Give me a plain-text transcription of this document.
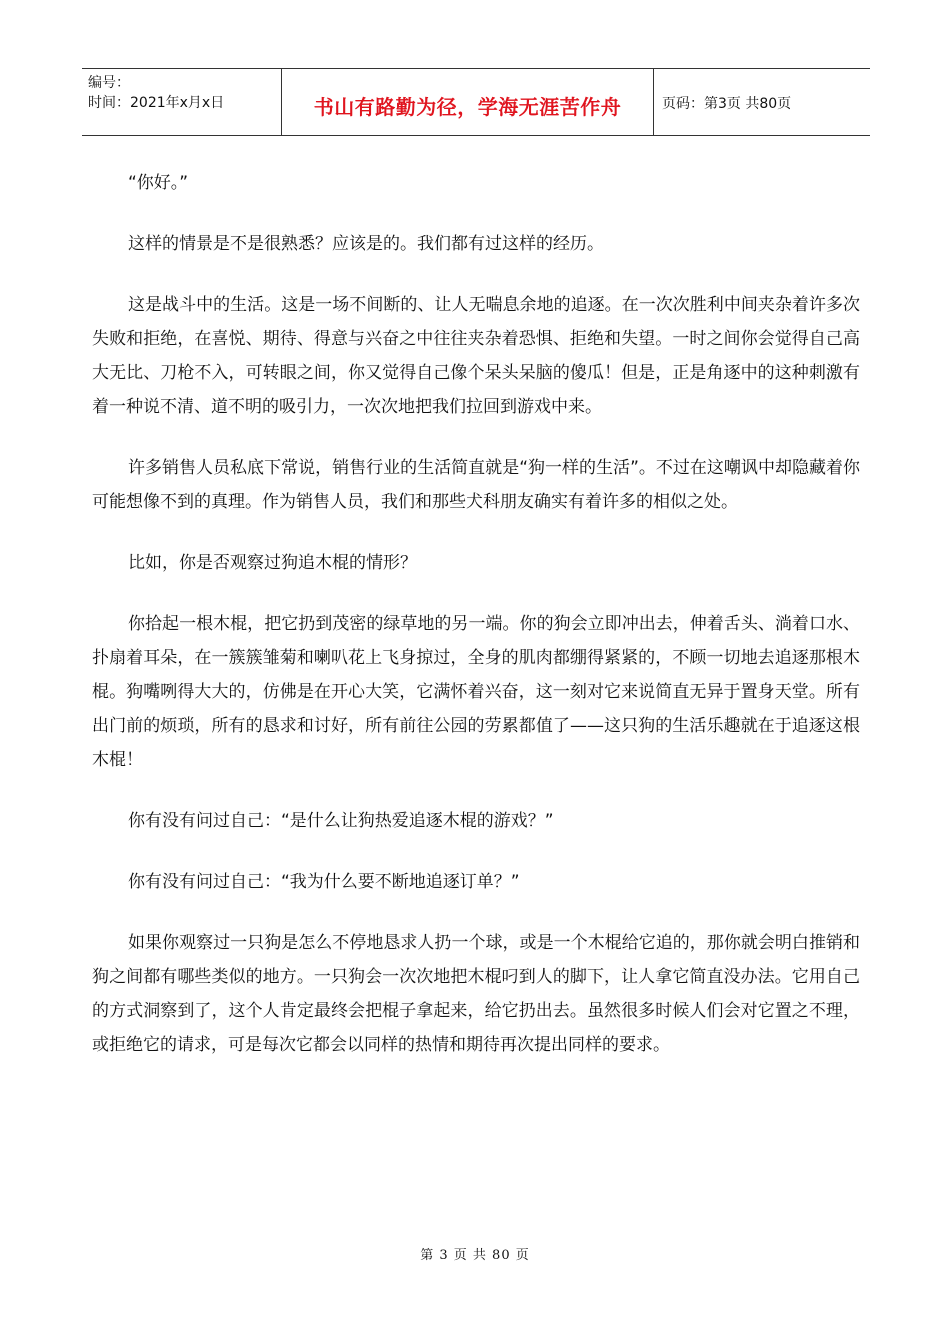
编号：
时间：2021年x月x日	书山有路勤为径，学海无涯苦作舟	页码：第3页 共80页

“你好。”

这样的情景是不是很熟悉？应该是的。我们都有过这样的经历。

这是战斗中的生活。这是一场不间断的、让人无喘息余地的追逐。在一次次胜利中间夹杂着许多次失败和拒绝，在喜悦、期待、得意与兴奋之中往往夹杂着恐惧、拒绝和失望。一时之间你会觉得自己高大无比、刀枪不入，可转眼之间，你又觉得自己像个呆头呆脑的傻瓜！但是，正是角逐中的这种刺激有着一种说不清、道不明的吸引力，一次次地把我们拉回到游戏中来。

许多销售人员私底下常说，销售行业的生活简直就是“狗一样的生活”。不过在这嘲讽中却隐藏着你可能想像不到的真理。作为销售人员，我们和那些犬科朋友确实有着许多的相似之处。

比如，你是否观察过狗追木棍的情形？

你拾起一根木棍，把它扔到茂密的绿草地的另一端。你的狗会立即冲出去，伸着舌头、淌着口水、扑扇着耳朵，在一簇簇雏菊和喇叭花上飞身掠过，全身的肌肉都绷得紧紧的，不顾一切地去追逐那根木棍。狗嘴咧得大大的，仿佛是在开心大笑，它满怀着兴奋，这一刻对它来说简直无异于置身天堂。所有出门前的烦琐，所有的恳求和讨好，所有前往公园的劳累都值了——这只狗的生活乐趣就在于追逐这根木棍！

你有没有问过自己：“是什么让狗热爱追逐木棍的游戏？”

你有没有问过自己：“我为什么要不断地追逐订单？”

如果你观察过一只狗是怎么不停地恳求人扔一个球，或是一个木棍给它追的，那你就会明白推销和狗之间都有哪些类似的地方。一只狗会一次次地把木棍叼到人的脚下，让人拿它简直没办法。它用自己的方式洞察到了，这个人肯定最终会把棍子拿起来，给它扔出去。虽然很多时候人们会对它置之不理，或拒绝它的请求，可是每次它都会以同样的热情和期待再次提出同样的要求。

第 3 页 共 80 页
